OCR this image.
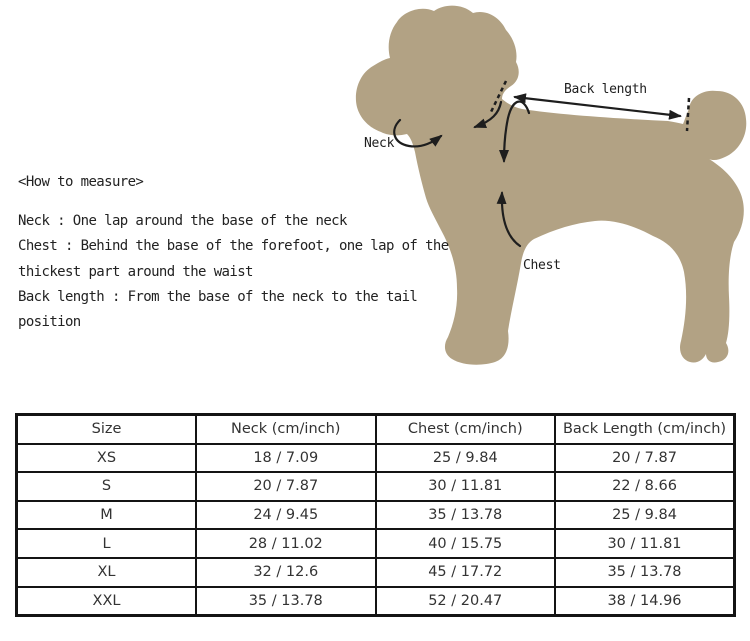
Neck
Back length
Chest
<How to measure>
Neck : One lap around the base of the neck
Chest : Behind the base of the forefoot, one lap of the
thickest part around the waist
Back length : From the base of the neck to the tail
position
Size	Neck (cm/inch)	Chest (cm/inch)	Back Length (cm/inch)
XS	18 / 7.09	25 / 9.84	20 / 7.87
S	20 / 7.87	30 / 11.81	22 / 8.66
M	24 / 9.45	35 / 13.78	25 / 9.84
L	28 / 11.02	40 / 15.75	30 / 11.81
XL	32 / 12.6	45 / 17.72	35 / 13.78
XXL	35 / 13.78	52 / 20.47	38 / 14.96
